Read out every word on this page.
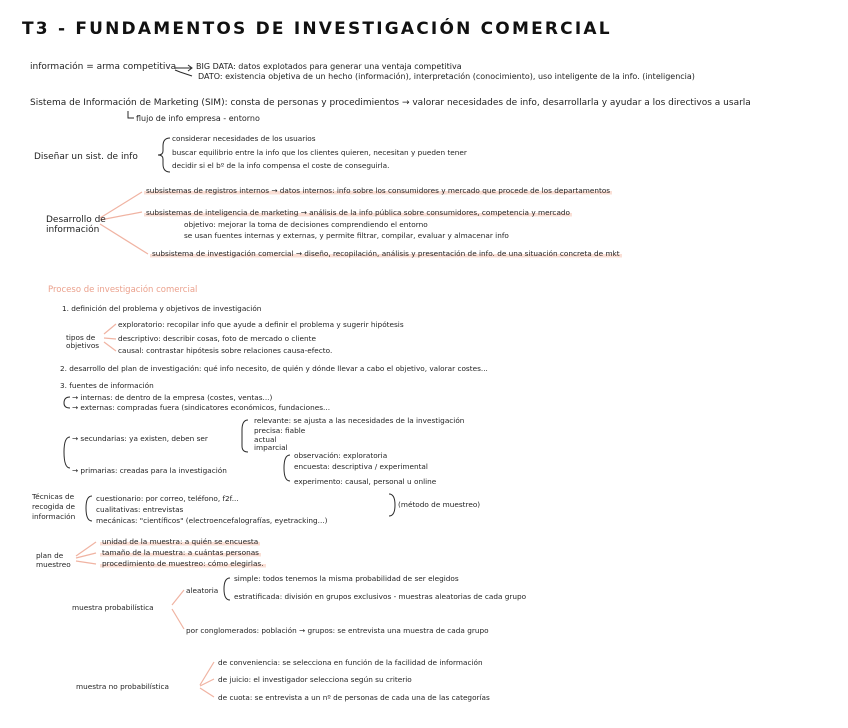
T3 - FUNDAMENTOS DE INVESTIGACIÓN COMERCIAL
información = arma competitiva BIG DATA: datos explotados para generar una ventaja competitiva
DATO: existencia objetiva de un hecho (información), interpretación (conocimiento), uso inteligente de la info. (inteligencia)
Sistema de Información de Marketing (SIM): consta de personas y procedimientos → valorar necesidades de info, desarrollarla y ayudar a los directivos a usarla
flujo de info empresa - entorno
Diseñar un sist. de info
considerar necesidades de los usuarios
buscar equilibrio entre la info que los clientes quieren, necesitan y pueden tener
decidir si el bº de la info compensa el coste de conseguirla.
Desarrollo de
información
subsistemas de registros internos → datos internos: info sobre los consumidores y mercado que procede de los departamentos
subsistemas de inteligencia de marketing → análisis de la info pública sobre consumidores, competencia y mercado
objetivo: mejorar la toma de decisiones comprendiendo el entorno
se usan fuentes internas y externas, y permite filtrar, compilar, evaluar y almacenar info
subsistema de investigación comercial → diseño, recopilación, análisis y presentación de info. de una situación concreta de mkt
Proceso de investigación comercial
1. definición del problema y objetivos de investigación
tipos de
objetivos
exploratorio: recopilar info que ayude a definir el problema y sugerir hipótesis
descriptivo: describir cosas, foto de mercado o cliente
causal: contrastar hipótesis sobre relaciones causa-efecto.
2. desarrollo del plan de investigación: qué info necesito, de quién y dónde llevar a cabo el objetivo, valorar costes...
3. fuentes de información
→ internas: de dentro de la empresa (costes, ventas...)
→ externas: compradas fuera (sindicatores económicos, fundaciones...
→ secundarias: ya existen, deben ser
relevante: se ajusta a las necesidades de la investigación
precisa: fiable
actual
imparcial
→ primarias: creadas para la investigación
observación: exploratoria
encuesta: descriptiva / experimental
experimento: causal, personal u online
Técnicas de
recogida de
información
cuestionario: por correo, teléfono, f2f...
cualitativas: entrevistas
mecánicas: "científicos" (electroencefalografías, eyetracking...)
(método de muestreo)
plan de
muestreo
unidad de la muestra: a quién se encuesta
tamaño de la muestra: a cuántas personas
procedimiento de muestreo: cómo elegirlas.
muestra probabilística
aleatoria
simple: todos tenemos la misma probabilidad de ser elegidos
estratificada: división en grupos exclusivos - muestras aleatorias de cada grupo
por conglomerados: población → grupos: se entrevista una muestra de cada grupo
muestra no probabilística
de conveniencia: se selecciona en función de la facilidad de información
de juicio: el investigador selecciona según su criterio
de cuota: se entrevista a un nº de personas de cada una de las categorías
